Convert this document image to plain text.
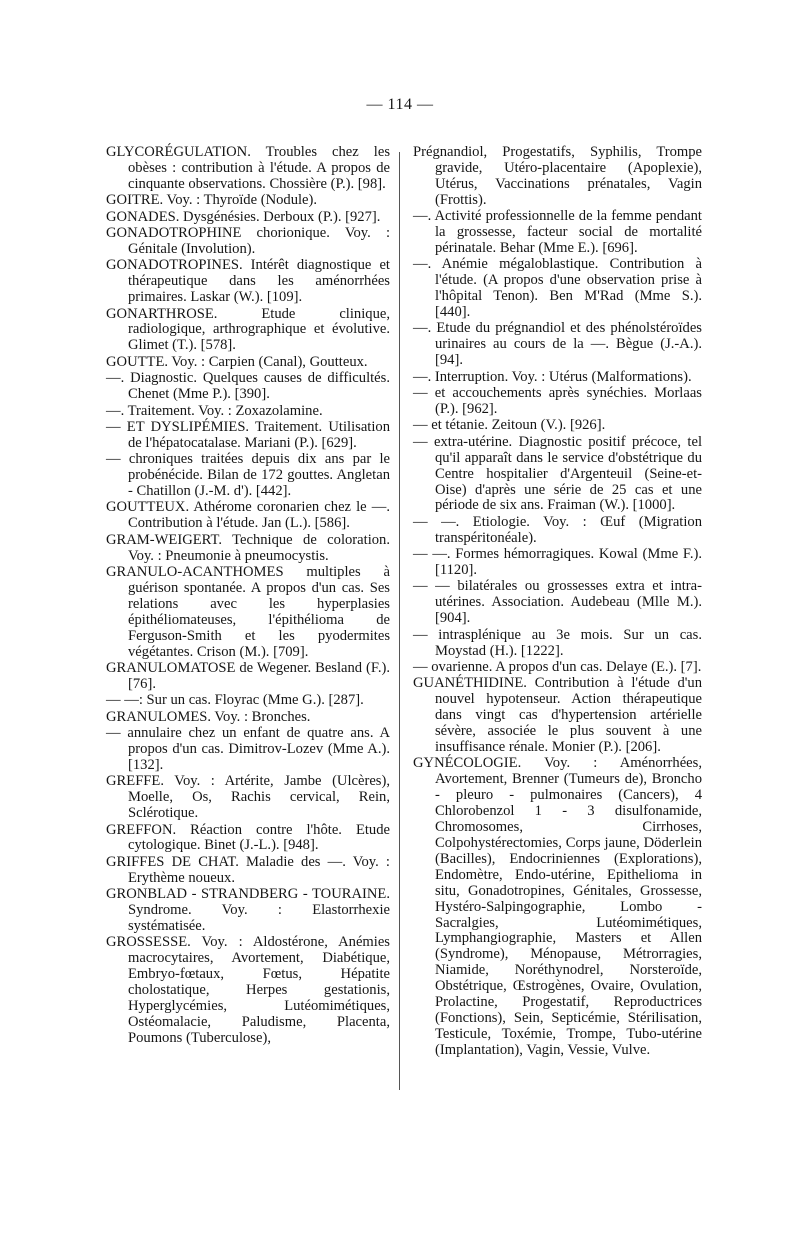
— 114 —

GLYCORÉGULATION. Troubles chez les obèses : contribution à l'étude. A propos de cinquante observations. Chossière (P.). [98].

GOITRE. Voy. : Thyroïde (Nodule).

GONADES. Dysgénésies. Derboux (P.). [927].

GONADOTROPHINE chorionique. Voy. : Génitale (Involution).

GONADOTROPINES. Intérêt diagnostique et thérapeutique dans les aménorrhées primaires. Laskar (W.). [109].

GONARTHROSE. Etude clinique, radiologique, arthrographique et évolutive. Glimet (T.). [578].

GOUTTE. Voy. : Carpien (Canal), Goutteux.

—. Diagnostic. Quelques causes de difficultés. Chenet (Mme P.). [390].

—. Traitement. Voy. : Zoxazolamine.

— ET DYSLIPÉMIES. Traitement. Utilisation de l'hépatocatalase. Mariani (P.). [629].

— chroniques traitées depuis dix ans par le probénécide. Bilan de 172 gouttes. Angletan - Chatillon (J.-M. d'). [442].

GOUTTEUX. Athérome coronarien chez le —. Contribution à l'étude. Jan (L.). [586].

GRAM-WEIGERT. Technique de coloration. Voy. : Pneumonie à pneumocystis.

GRANULO-ACANTHOMES multiples à guérison spontanée. A propos d'un cas. Ses relations avec les hyperplasies épithéliomateuses, l'épithélioma de Ferguson-Smith et les pyodermites végétantes. Crison (M.). [709].

GRANULOMATOSE de Wegener. Besland (F.). [76].

— —: Sur un cas. Floyrac (Mme G.). [287].

GRANULOMES. Voy. : Bronches.

— annulaire chez un enfant de quatre ans. A propos d'un cas. Dimitrov-Lozev (Mme A.). [132].

GREFFE. Voy. : Artérite, Jambe (Ulcères), Moelle, Os, Rachis cervical, Rein, Sclérotique.

GREFFON. Réaction contre l'hôte. Etude cytologique. Binet (J.-L.). [948].

GRIFFES DE CHAT. Maladie des —. Voy. : Erythème noueux.

GRONBLAD - STRANDBERG - TOURAINE. Syndrome. Voy. : Elastorrhexie systématisée.

GROSSESSE. Voy. : Aldostérone, Anémies macrocytaires, Avortement, Diabétique, Embryo-fœtaux, Fœtus, Hépatite cholostatique, Herpes gestationis, Hyperglycémies, Lutéomimétiques, Ostéomalacie, Paludisme, Placenta, Poumons (Tuberculose),

Prégnandiol, Progestatifs, Syphilis, Trompe gravide, Utéro-placentaire (Apoplexie), Utérus, Vaccinations prénatales, Vagin (Frottis).

—. Activité professionnelle de la femme pendant la grossesse, facteur social de mortalité périnatale. Behar (Mme E.). [696].

—. Anémie mégaloblastique. Contribution à l'étude. (A propos d'une observation prise à l'hôpital Tenon). Ben M'Rad (Mme S.). [440].

—. Etude du prégnandiol et des phénolstéroïdes urinaires au cours de la —. Bègue (J.-A.). [94].

—. Interruption. Voy. : Utérus (Malformations).

— et accouchements après synéchies. Morlaas (P.). [962].

— et tétanie. Zeitoun (V.). [926].

— extra-utérine. Diagnostic positif précoce, tel qu'il apparaît dans le service d'obstétrique du Centre hospitalier d'Argenteuil (Seine-et-Oise) d'après une série de 25 cas et une période de six ans. Fraiman (W.). [1000].

— —. Etiologie. Voy. : Œuf (Migration transpéritonéale).

— —. Formes hémorragiques. Kowal (Mme F.). [1120].

— — bilatérales ou grossesses extra et intra-utérines. Association. Audebeau (Mlle M.). [904].

— intrasplénique au 3e mois. Sur un cas. Moystad (H.). [1222].

— ovarienne. A propos d'un cas. Delaye (E.). [7].

GUANÉTHIDINE. Contribution à l'étude d'un nouvel hypotenseur. Action thérapeutique dans vingt cas d'hypertension artérielle sévère, associée le plus souvent à une insuffisance rénale. Monier (P.). [206].

GYNÉCOLOGIE. Voy. : Aménorrhées, Avortement, Brenner (Tumeurs de), Broncho - pleuro - pulmonaires (Cancers), 4 Chlorobenzol 1 - 3 disulfonamide, Chromosomes, Cirrhoses, Colpohystérectomies, Corps jaune, Döderlein (Bacilles), Endocriniennes (Explorations), Endomètre, Endo-utérine, Epithelioma in situ, Gonadotropines, Génitales, Grossesse, Hystéro-Salpingographie, Lombo - Sacralgies, Lutéomimétiques, Lymphangiographie, Masters et Allen (Syndrome), Ménopause, Métrorragies, Niamide, Noréthynodrel, Norsteroïde, Obstétrique, Œstrogènes, Ovaire, Ovulation, Prolactine, Progestatif, Reproductrices (Fonctions), Sein, Septicémie, Stérilisation, Testicule, Toxémie, Trompe, Tubo-utérine (Implantation), Vagin, Vessie, Vulve.
